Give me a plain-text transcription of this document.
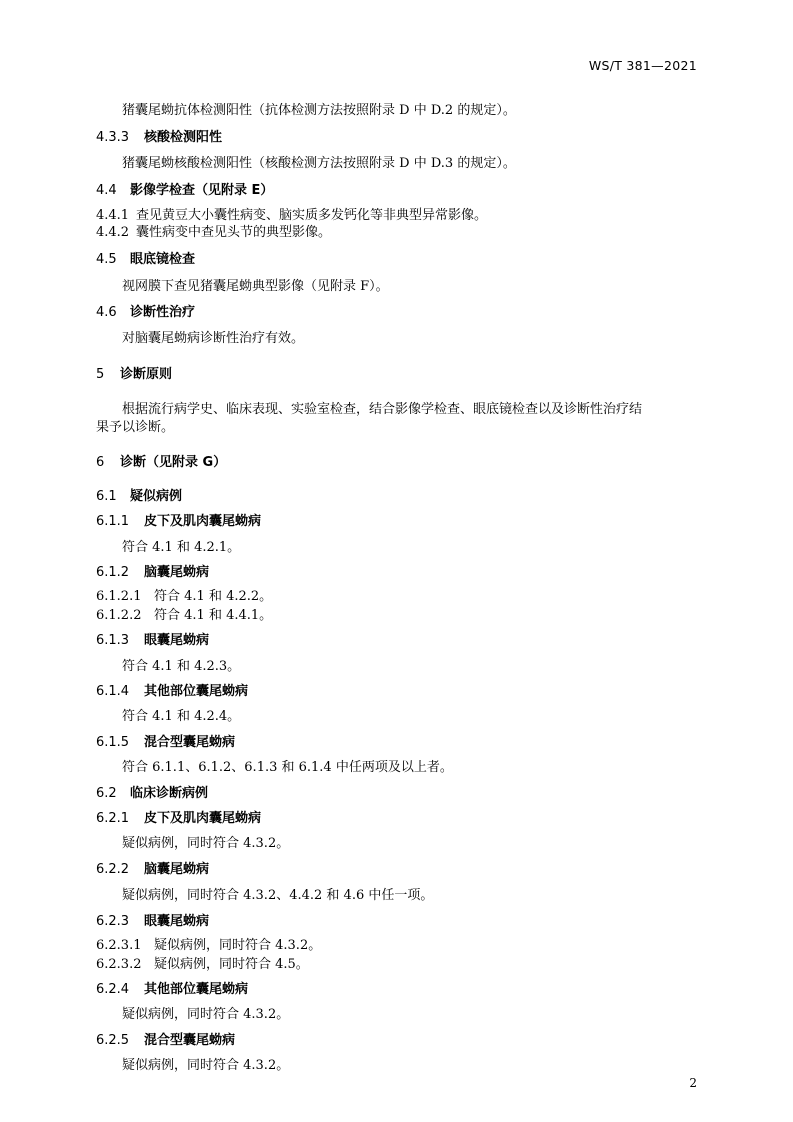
WS/T 381—2021
猪囊尾蚴抗体检测阳性（抗体检测方法按照附录 D 中 D.2 的规定）。
4.3.3 核酸检测阳性
猪囊尾蚴核酸检测阳性（核酸检测方法按照附录 D 中 D.3 的规定）。
4.4 影像学检查（见附录 E）
4.4.1 查见黄豆大小囊性病变、脑实质多发钙化等非典型异常影像。
4.4.2 囊性病变中查见头节的典型影像。
4.5 眼底镜检查
视网膜下查见猪囊尾蚴典型影像（见附录 F）。
4.6 诊断性治疗
对脑囊尾蚴病诊断性治疗有效。
5 诊断原则
根据流行病学史、临床表现、实验室检查，结合影像学检查、眼底镜检查以及诊断性治疗结
果予以诊断。
6 诊断（见附录 G）
6.1 疑似病例
6.1.1 皮下及肌肉囊尾蚴病
符合 4.1 和 4.2.1。
6.1.2 脑囊尾蚴病
6.1.2.1 符合 4.1 和 4.2.2。
6.1.2.2 符合 4.1 和 4.4.1。
6.1.3 眼囊尾蚴病
符合 4.1 和 4.2.3。
6.1.4 其他部位囊尾蚴病
符合 4.1 和 4.2.4。
6.1.5 混合型囊尾蚴病
符合 6.1.1、6.1.2、6.1.3 和 6.1.4 中任两项及以上者。
6.2 临床诊断病例
6.2.1 皮下及肌肉囊尾蚴病
疑似病例，同时符合 4.3.2。
6.2.2 脑囊尾蚴病
疑似病例，同时符合 4.3.2、4.4.2 和 4.6 中任一项。
6.2.3 眼囊尾蚴病
6.2.3.1 疑似病例，同时符合 4.3.2。
6.2.3.2 疑似病例，同时符合 4.5。
6.2.4 其他部位囊尾蚴病
疑似病例，同时符合 4.3.2。
6.2.5 混合型囊尾蚴病
疑似病例，同时符合 4.3.2。
2
